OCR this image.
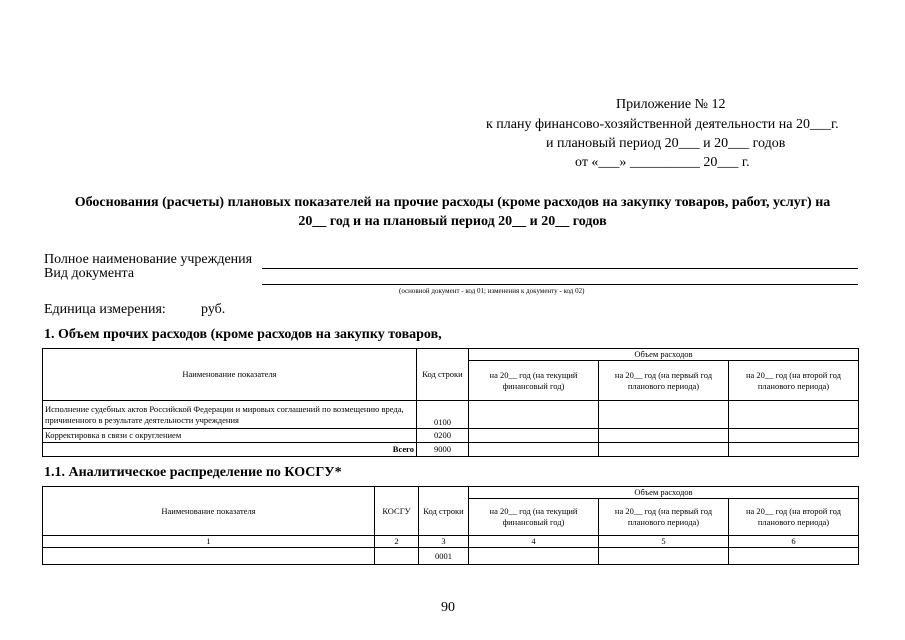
Приложение № 12
к плану финансово-хозяйственной деятельности на 20___г.
и плановый период 20___ и 20___ годов
от «___» __________ 20___ г.
Обоснования (расчеты) плановых показателей на прочие расходы (кроме расходов на закупку товаров, работ, услуг) на
20__ год и на плановый период 20__ и 20__ годов
Полное наименование учреждения
Вид документа
(основной документ - код 01; изменения к документу - код 02)
Единица измерения:	руб.
1. Объем прочих расходов (кроме расходов на закупку товаров,
Наименование показателя	Код строки	Объем расходов		
		на 20__ год (на текущий финансовый год)	на 20__ год (на первый год планового периода)	на 20__ год (на второй год планового периода)
Исполнение судебных актов Российской Федерации и мировых соглашений по возмещению вреда, причиненного в результате деятельности учреждения	0100			
Корректировка в связи с округлением	0200			
Всего	9000			
1.1. Аналитическое распределение по КОСГУ*
Наименование показателя	КОСГУ	Код строки	Объем расходов		
			на 20__ год (на текущий финансовый год)	на 20__ год (на первый год планового периода)	на 20__ год (на второй год планового периода)
1	2	3	4	5	6
		0001			
90
